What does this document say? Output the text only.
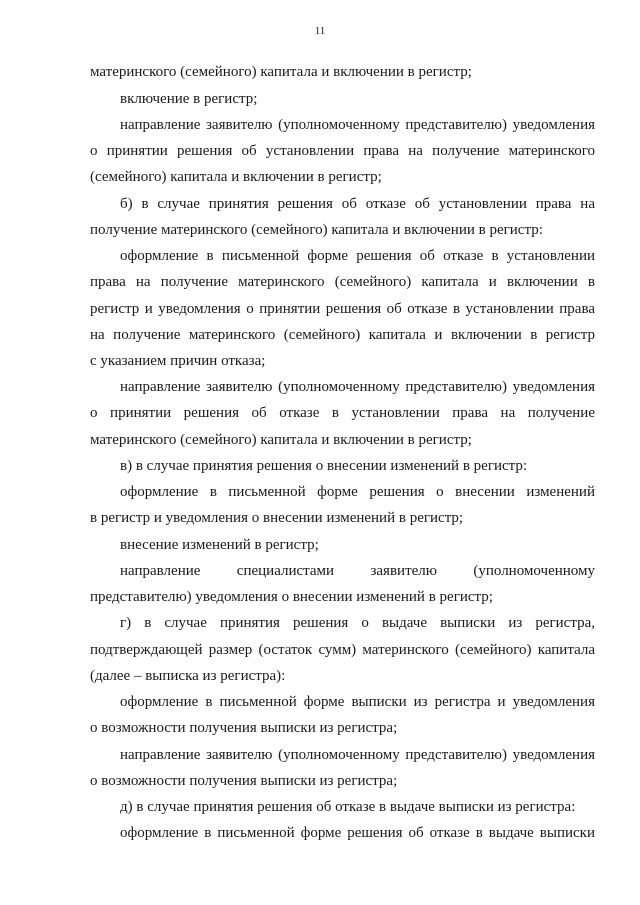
11
материнского (семейного) капитала и включении в регистр;
включение в регистр;
направление заявителю (уполномоченному представителю) уведомления
о принятии решения об установлении права на получение материнского
(семейного) капитала и включении в регистр;
б) в случае принятия решения об отказе об установлении права на
получение материнского (семейного) капитала и включении в регистр:
оформление в письменной форме решения об отказе в установлении
права на получение материнского (семейного) капитала и включении в
регистр и уведомления о принятии решения об отказе в установлении права
на получение материнского (семейного) капитала и включении в регистр
с указанием причин отказа;
направление заявителю (уполномоченному представителю) уведомления
о принятии решения об отказе в установлении права на получение
материнского (семейного) капитала и включении в регистр;
в) в случае принятия решения о внесении изменений в регистр:
оформление в письменной форме решения о внесении изменений
в регистр и уведомления о внесении изменений в регистр;
внесение изменений в регистр;
направление специалистами заявителю (уполномоченному
представителю) уведомления о внесении изменений в регистр;
г) в случае принятия решения о выдаче выписки из регистра,
подтверждающей размер (остаток сумм) материнского (семейного) капитала
(далее – выписка из регистра):
оформление в письменной форме выписки из регистра и уведомления
о возможности получения выписки из регистра;
направление заявителю (уполномоченному представителю) уведомления
о возможности получения выписки из регистра;
д) в случае принятия решения об отказе в выдаче выписки из регистра:
оформление в письменной форме решения об отказе в выдаче выписки
